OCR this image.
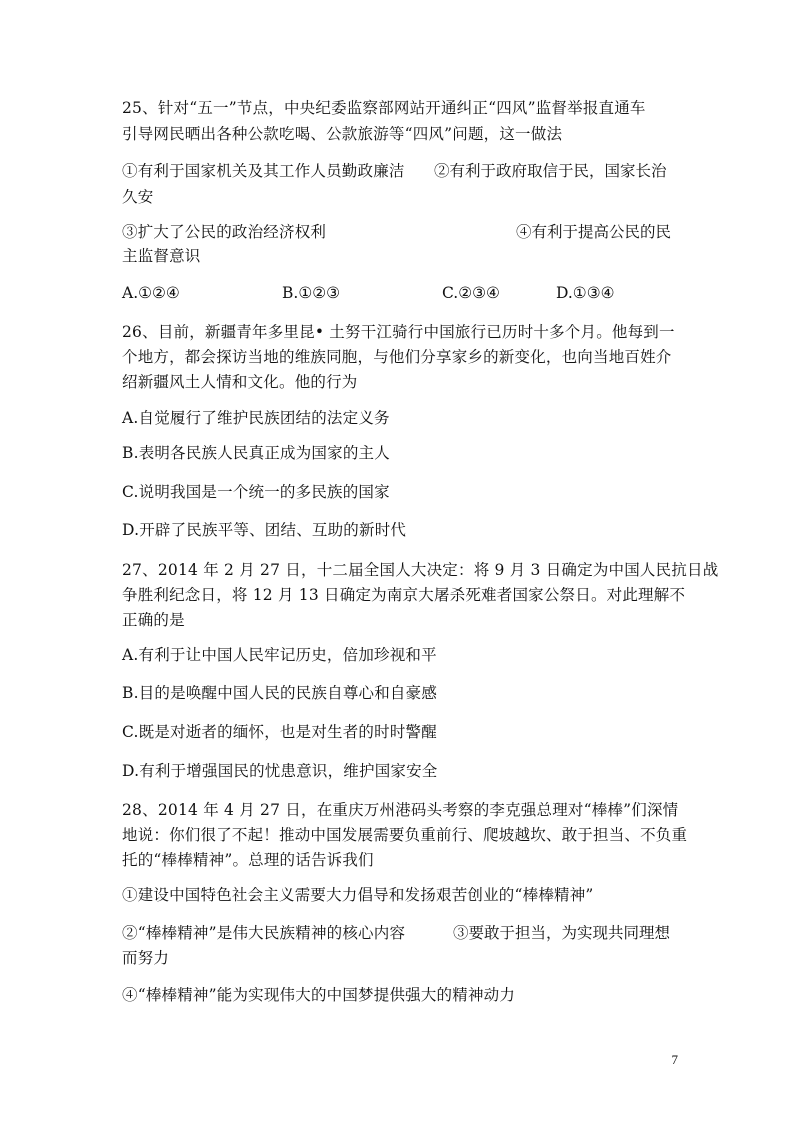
25、针对“五一”节点，中央纪委监察部网站开通纠正“四风”监督举报直通车
引导网民晒出各种公款吃喝、公款旅游等“四风”问题，这一做法
①有利于国家机关及其工作人员勤政廉洁 ②有利于政府取信于民，国家长治
久安
③扩大了公民的政治经济权利	④有利于提高公民的民
主监督意识
A.①②④	B.①②③	C.②③④	D.①③④
26、目前，新疆青年多里昆• 土努干江骑行中国旅行已历时十多个月。他每到一
个地方，都会探访当地的维族同胞，与他们分享家乡的新变化，也向当地百姓介
绍新疆风土人情和文化。他的行为
A.自觉履行了维护民族团结的法定义务
B.表明各民族人民真正成为国家的主人
C.说明我国是一个统一的多民族的国家
D.开辟了民族平等、团结、互助的新时代
27、2014 年 2 月 27 日，十二届全国人大决定：将 9 月 3 日确定为中国人民抗日战
争胜利纪念日，将 12 月 13 日确定为南京大屠杀死难者国家公祭日。对此理解不
正确的是
A.有利于让中国人民牢记历史，倍加珍视和平
B.目的是唤醒中国人民的民族自尊心和自豪感
C.既是对逝者的缅怀，也是对生者的时时警醒
D.有利于增强国民的忧患意识，维护国家安全
28、2014 年 4 月 27 日，在重庆万州港码头考察的李克强总理对“棒棒”们深情
地说：你们很了不起！推动中国发展需要负重前行、爬坡越坎、敢于担当、不负重
托的“棒棒精神”。总理的话告诉我们
①建设中国特色社会主义需要大力倡导和发扬艰苦创业的“棒棒精神”
②“棒棒精神”是伟大民族精神的核心内容	③要敢于担当，为实现共同理想
而努力
④“棒棒精神”能为实现伟大的中国梦提供强大的精神动力
7
